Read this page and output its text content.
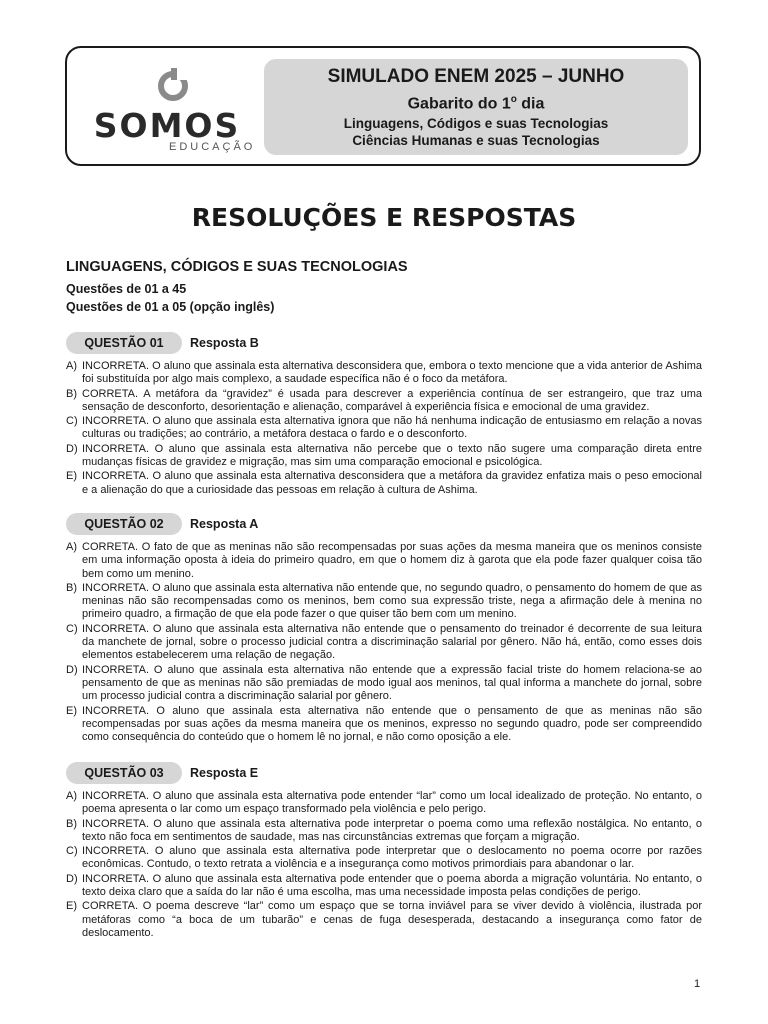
SOMOS
EDUCAÇÃO
SIMULADO ENEM 2025 – JUNHO
Gabarito do 1$^o$ dia
Linguagens, Códigos e suas Tecnologias
Ciências Humanas e suas Tecnologias
RESOLUÇÕES E RESPOSTAS
LINGUAGENS, CÓDIGOS E SUAS TECNOLOGIAS
Questões de 01 a 45
Questões de 01 a 05 (opção inglês)
QUESTÃO 01	Resposta B
A) INCORRETA. O aluno que assinala esta alternativa desconsidera que, embora o texto mencione que a vida anterior de Ashima foi substituída por algo mais complexo, a saudade específica não é o foco da metáfora.
B) CORRETA. A metáfora da “gravidez” é usada para descrever a experiência contínua de ser estrangeiro, que traz uma sensação de desconforto, desorientação e alienação, comparável à experiência física e emocional de uma gravidez.
C) INCORRETA. O aluno que assinala esta alternativa ignora que não há nenhuma indicação de entusiasmo em relação a novas culturas ou tradições; ao contrário, a metáfora destaca o fardo e o desconforto.
D) INCORRETA. O aluno que assinala esta alternativa não percebe que o texto não sugere uma comparação direta entre mudanças físicas de gravidez e migração, mas sim uma comparação emocional e psicológica.
E) INCORRETA. O aluno que assinala esta alternativa desconsidera que a metáfora da gravidez enfatiza mais o peso emocional e a alienação do que a curiosidade das pessoas em relação à cultura de Ashima.
QUESTÃO 02	Resposta A
A) CORRETA. O fato de que as meninas não são recompensadas por suas ações da mesma maneira que os meninos consiste em uma informação oposta à ideia do primeiro quadro, em que o homem diz à garota que ela pode fazer qualquer coisa tão bem como um menino.
B) INCORRETA. O aluno que assinala esta alternativa não entende que, no segundo quadro, o pensamento do homem de que as meninas não são recompensadas como os meninos, bem como sua expressão triste, nega a afirmação dele à menina no primeiro quadro, a firmação de que ela pode fazer o que quiser tão bem com um menino.
C) INCORRETA. O aluno que assinala esta alternativa não entende que o pensamento do treinador é decorrente de sua leitura da manchete de jornal, sobre o processo judicial contra a discriminação salarial por gênero. Não há, então, como esses dois elementos estabelecerem uma relação de negação.
D) INCORRETA. O aluno que assinala esta alternativa não entende que a expressão facial triste do homem relaciona-se ao pensamento de que as meninas não são premiadas de modo igual aos meninos, tal qual informa a manchete do jornal, sobre um processo judicial contra a discriminação salarial por gênero.
E) INCORRETA. O aluno que assinala esta alternativa não entende que o pensamento de que as meninas não são recompensadas por suas ações da mesma maneira que os meninos, expresso no segundo quadro, pode ser compreendido como consequência do conteúdo que o homem lê no jornal, e não como oposição a ele.
QUESTÃO 03	Resposta E
A) INCORRETA. O aluno que assinala esta alternativa pode entender “lar” como um local idealizado de proteção. No entanto, o poema apresenta o lar como um espaço transformado pela violência e pelo perigo.
B) INCORRETA. O aluno que assinala esta alternativa pode interpretar o poema como uma reflexão nostálgica. No entanto, o texto não foca em sentimentos de saudade, mas nas circunstâncias extremas que forçam a migração.
C) INCORRETA. O aluno que assinala esta alternativa pode interpretar que o deslocamento no poema ocorre por razões econômicas. Contudo, o texto retrata a violência e a insegurança como motivos primordiais para abandonar o lar.
D) INCORRETA. O aluno que assinala esta alternativa pode entender que o poema aborda a migração voluntária. No entanto, o texto deixa claro que a saída do lar não é uma escolha, mas uma necessidade imposta pelas condições de perigo.
E) CORRETA. O poema descreve “lar” como um espaço que se torna inviável para se viver devido à violência, ilustrada por metáforas como “a boca de um tubarão” e cenas de fuga desesperada, destacando a insegurança como fator de deslocamento.
1
